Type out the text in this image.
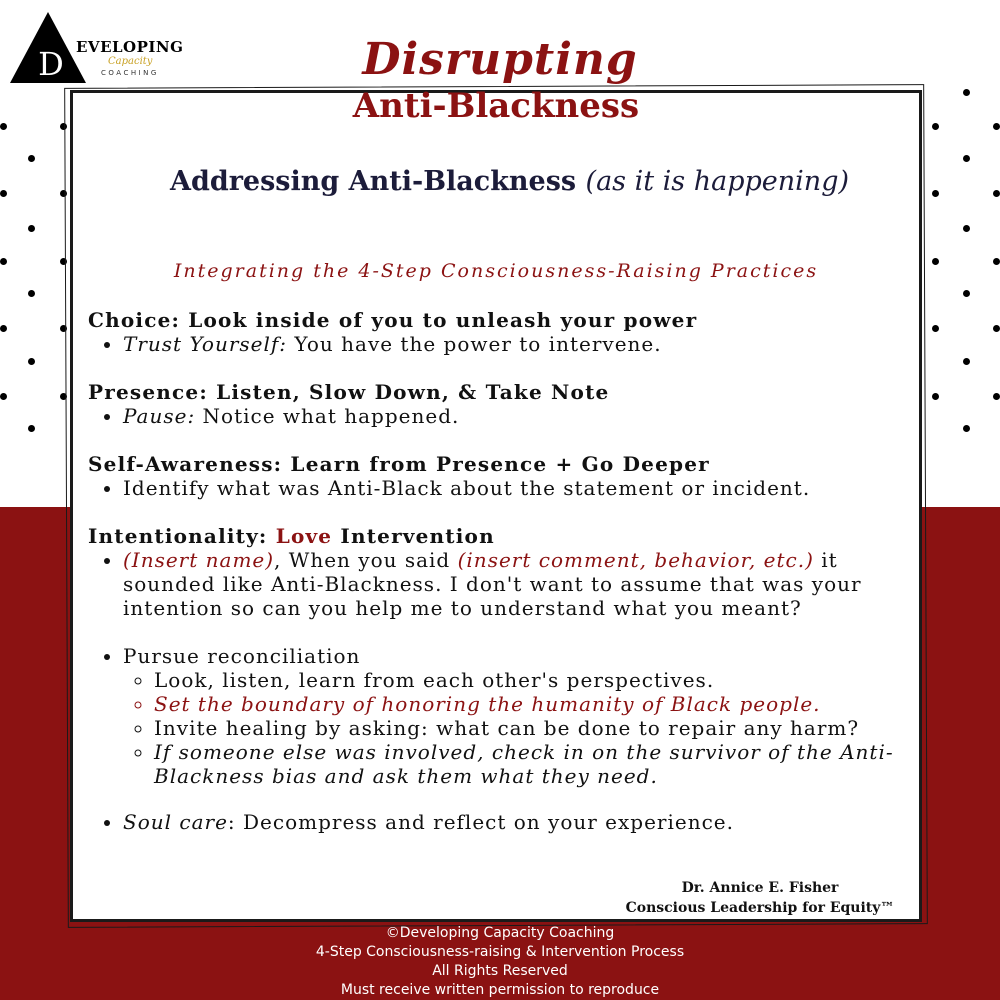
D EVELOPING
Capacity
COACHING	Disrupting
Anti-Blackness
Addressing Anti-Blackness (as it is happening)
Integrating the 4-Step Consciousness-Raising Practices
Choice: Look inside of you to unleash your power
• Trust Yourself: You have the power to intervene.
Presence: Listen, Slow Down, & Take Note
• Pause: Notice what happened.
Self-Awareness: Learn from Presence + Go Deeper
• Identify what was Anti-Black about the statement or incident.
Intentionality: Love Intervention
• (Insert name), When you said (insert comment, behavior, etc.) it sounded like Anti-Blackness. I don't want to assume that was your intention so can you help me to understand what you meant?
• Pursue reconciliation
◦ Look, listen, learn from each other's perspectives.
◦ Set the boundary of honoring the humanity of Black people.
◦ Invite healing by asking: what can be done to repair any harm?
◦ If someone else was involved, check in on the survivor of the Anti-Blackness bias and ask them what they need.
• Soul care: Decompress and reflect on your experience.
Dr. Annice E. Fisher
Conscious Leadership for Equity™
©Developing Capacity Coaching
4-Step Consciousness-raising & Intervention Process
All Rights Reserved
Must receive written permission to reproduce
